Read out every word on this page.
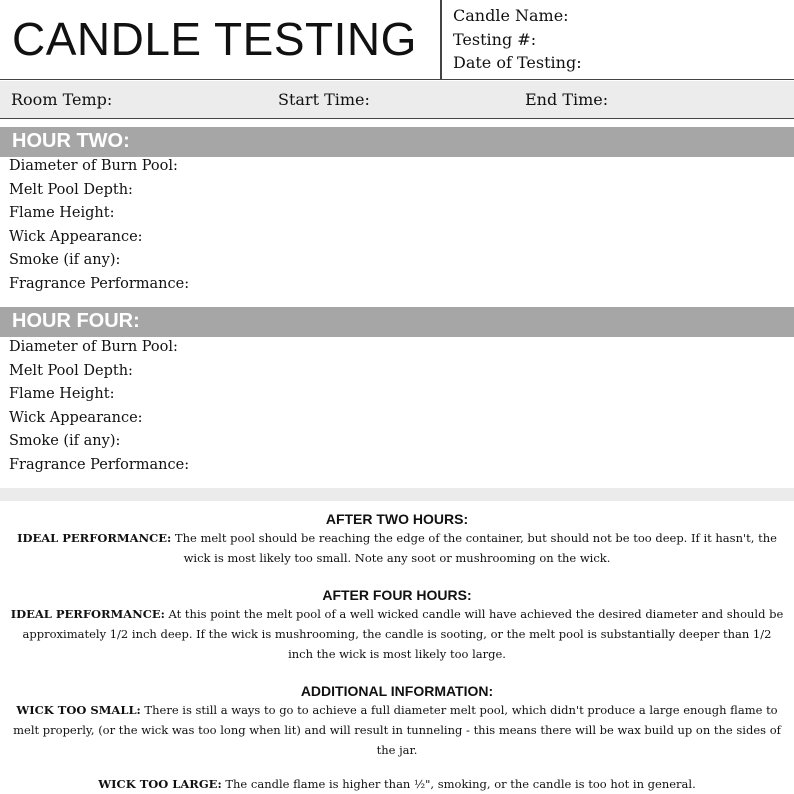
CANDLE TESTING Candle Name:
Testing #:
Date of Testing:
Room Temp:	Start Time:	End Time:
HOUR TWO:
Diameter of Burn Pool:
Melt Pool Depth:
Flame Height:
Wick Appearance:
Smoke (if any):
Fragrance Performance:
HOUR FOUR:
Diameter of Burn Pool:
Melt Pool Depth:
Flame Height:
Wick Appearance:
Smoke (if any):
Fragrance Performance:
AFTER TWO HOURS:

IDEAL PERFORMANCE: The melt pool should be reaching the edge of the container, but should not be too deep. If it hasn't, the wick is most likely too small. Note any soot or mushrooming on the wick.

AFTER FOUR HOURS:

IDEAL PERFORMANCE: At this point the melt pool of a well wicked candle will have achieved the desired diameter and should be approximately 1/2 inch deep. If the wick is mushrooming, the candle is sooting, or the melt pool is substantially deeper than 1/2 inch the wick is most likely too large.

ADDITIONAL INFORMATION:

WICK TOO SMALL: There is still a ways to go to achieve a full diameter melt pool, which didn't produce a large enough flame to melt properly, (or the wick was too long when lit) and will result in tunneling - this means there will be wax build up on the sides of the jar.

WICK TOO LARGE: The candle flame is higher than ½", smoking, or the candle is too hot in general.
